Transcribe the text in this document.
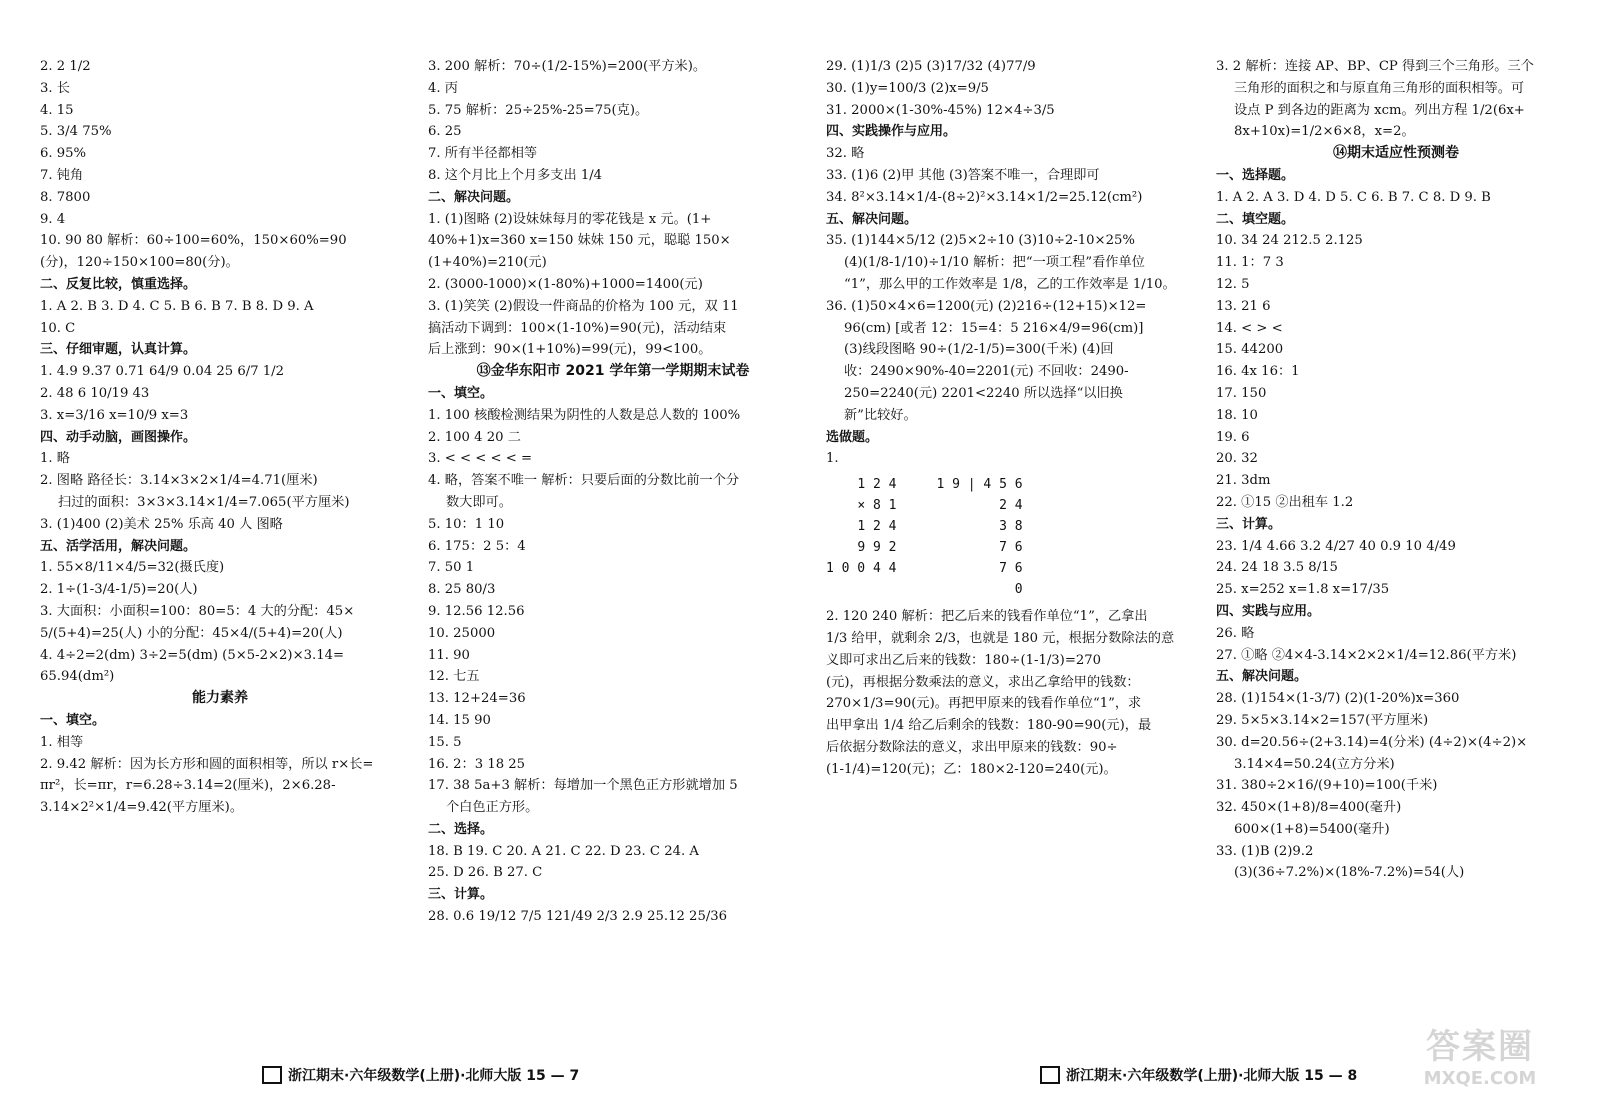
2. 2 1/2
3. 长
4. 15
5. 3/4 75%
6. 95%
7. 钝角
8. 7800
9. 4
10. 90 80 解析：60÷100=60%，150×60%=90
(分)，120÷150×100=80(分)。
二、反复比较，慎重选择。
1. A 2. B 3. D 4. C 5. B 6. B 7. B 8. D 9. A
10. C
三、仔细审题，认真计算。
1. 4.9 9.37 0.71 64/9 0.04 25 6/7 1/2
2. 48 6 10/19 43
3. x=3/16 x=10/9 x=3
四、动手动脑，画图操作。
1. 略
2. 图略 路径长：3.14×3×2×1/4=4.71(厘米)
扫过的面积：3×3×3.14×1/4=7.065(平方厘米)
3. (1)400 (2)美术 25% 乐高 40 人 图略
五、活学活用，解决问题。
1. 55×8/11×4/5=32(摄氏度)
2. 1÷(1-3/4-1/5)=20(人)
3. 大面积：小面积=100：80=5：4 大的分配：45×
5/(5+4)=25(人) 小的分配：45×4/(5+4)=20(人)
4. 4÷2=2(dm) 3÷2=5(dm) (5×5-2×2)×3.14=
65.94(dm²)
能力素养
一、填空。
1. 相等
2. 9.42 解析：因为长方形和圆的面积相等，所以 r×长=
πr²，长=πr，r=6.28÷3.14=2(厘米)，2×6.28-
3.14×2²×1/4=9.42(平方厘米)。
3. 200 解析：70÷(1/2-15%)=200(平方米)。
4. 丙
5. 75 解析：25÷25%-25=75(克)。
6. 25
7. 所有半径都相等
8. 这个月比上个月多支出 1/4
二、解决问题。
1. (1)图略 (2)设妹妹每月的零花钱是 x 元。(1+
40%+1)x=360 x=150 妹妹 150 元，聪聪 150×
(1+40%)=210(元)
2. (3000-1000)×(1-80%)+1000=1400(元)
3. (1)笑笑 (2)假设一件商品的价格为 100 元，双 11
搞活动下调到：100×(1-10%)=90(元)，活动结束
后上涨到：90×(1+10%)=99(元)，99<100。
⑬金华东阳市 2021 学年第一学期期末试卷
一、填空。
1. 100 核酸检测结果为阴性的人数是总人数的 100%
2. 100 4 20 二
3. < < < < < =
4. 略，答案不唯一 解析：只要后面的分数比前一个分
数大即可。
5. 10：1 10
6. 175：2 5：4
7. 50 1
8. 25 80/3
9. 12.56 12.56
10. 25000
11. 90
12. 七五
13. 12+24=36
14. 15 90
15. 5
16. 2：3 18 25
17. 38 5a+3 解析：每增加一个黑色正方形就增加 5
个白色正方形。
二、选择。
18. B 19. C 20. A 21. C 22. D 23. C 24. A
25. D 26. B 27. C
三、计算。
28. 0.6 19/12 7/5 121/49 2/3 2.9 25.12 25/36
29. (1)1/3 (2)5 (3)17/32 (4)77/9
30. (1)y=100/3 (2)x=9/5
31. 2000×(1-30%-45%) 12×4÷3/5
四、实践操作与应用。
32. 略
33. (1)6 (2)甲 其他 (3)答案不唯一，合理即可
34. 8²×3.14×1/4-(8÷2)²×3.14×1/2=25.12(cm²)
五、解决问题。
35. (1)144×5/12 (2)5×2÷10 (3)10÷2-10×25%
(4)(1/8-1/10)÷1/10 解析：把“一项工程”看作单位
“1”，那么甲的工作效率是 1/8，乙的工作效率是 1/10。
36. (1)50×4×6=1200(元) (2)216÷(12+15)×12=
96(cm) [或者 12：15=4：5 216×4/9=96(cm)]
(3)线段图略 90÷(1/2-1/5)=300(千米) (4)回
收：2490×90%-40=2201(元) 不回收：2490-
250=2240(元) 2201<2240 所以选择“以旧换
新”比较好。
选做题。
1.
1 2 4
× 8 1
1 2 4
9 9 2
1 0 0 4 4
1 9 | 4 5 6
2 4
3 8
7 6
7 6
0
2. 120 240 解析：把乙后来的钱看作单位“1”，乙拿出
1/3 给甲，就剩余 2/3，也就是 180 元，根据分数除法的意
义即可求出乙后来的钱数：180÷(1-1/3)=270
(元)，再根据分数乘法的意义，求出乙拿给甲的钱数：
270×1/3=90(元)。再把甲原来的钱看作单位“1”，求
出甲拿出 1/4 给乙后剩余的钱数：180-90=90(元)，最
后依据分数除法的意义，求出甲原来的钱数：90÷
(1-1/4)=120(元)；乙：180×2-120=240(元)。
3. 2 解析：连接 AP、BP、CP 得到三个三角形。三个
三角形的面积之和与原直角三角形的面积相等。可
设点 P 到各边的距离为 xcm。列出方程 1/2(6x+
8x+10x)=1/2×6×8，x=2。
⑭期末适应性预测卷
一、选择题。
1. A 2. A 3. D 4. D 5. C 6. B 7. C 8. D 9. B
二、填空题。
10. 34 24 212.5 2.125
11. 1：7 3
12. 5
13. 21 6
14. < > <
15. 44200
16. 4x 16：1
17. 150
18. 10
19. 6
20. 32
21. 3dm
22. ①15 ②出租车 1.2
三、计算。
23. 1/4 4.66 3.2 4/27 40 0.9 10 4/49
24. 24 18 3.5 8/15
25. x=252 x=1.8 x=17/35
四、实践与应用。
26. 略
27. ①略 ②4×4-3.14×2×2×1/4=12.86(平方米)
五、解决问题。
28. (1)154×(1-3/7) (2)(1-20%)x=360
29. 5×5×3.14×2=157(平方厘米)
30. d=20.56÷(2+3.14)=4(分米) (4÷2)×(4÷2)×
3.14×4=50.24(立方分米)
31. 380÷2×16/(9+10)=100(千米)
32. 450×(1+8)/8=400(毫升)
600×(1+8)=5400(毫升)
33. (1)B (2)9.2
(3)(36÷7.2%)×(18%-7.2%)=54(人)
浙江期末·六年级数学(上册)·北师大版 15 — 7	浙江期末·六年级数学(上册)·北师大版 15 — 8
答案圈
MXQE.COM
